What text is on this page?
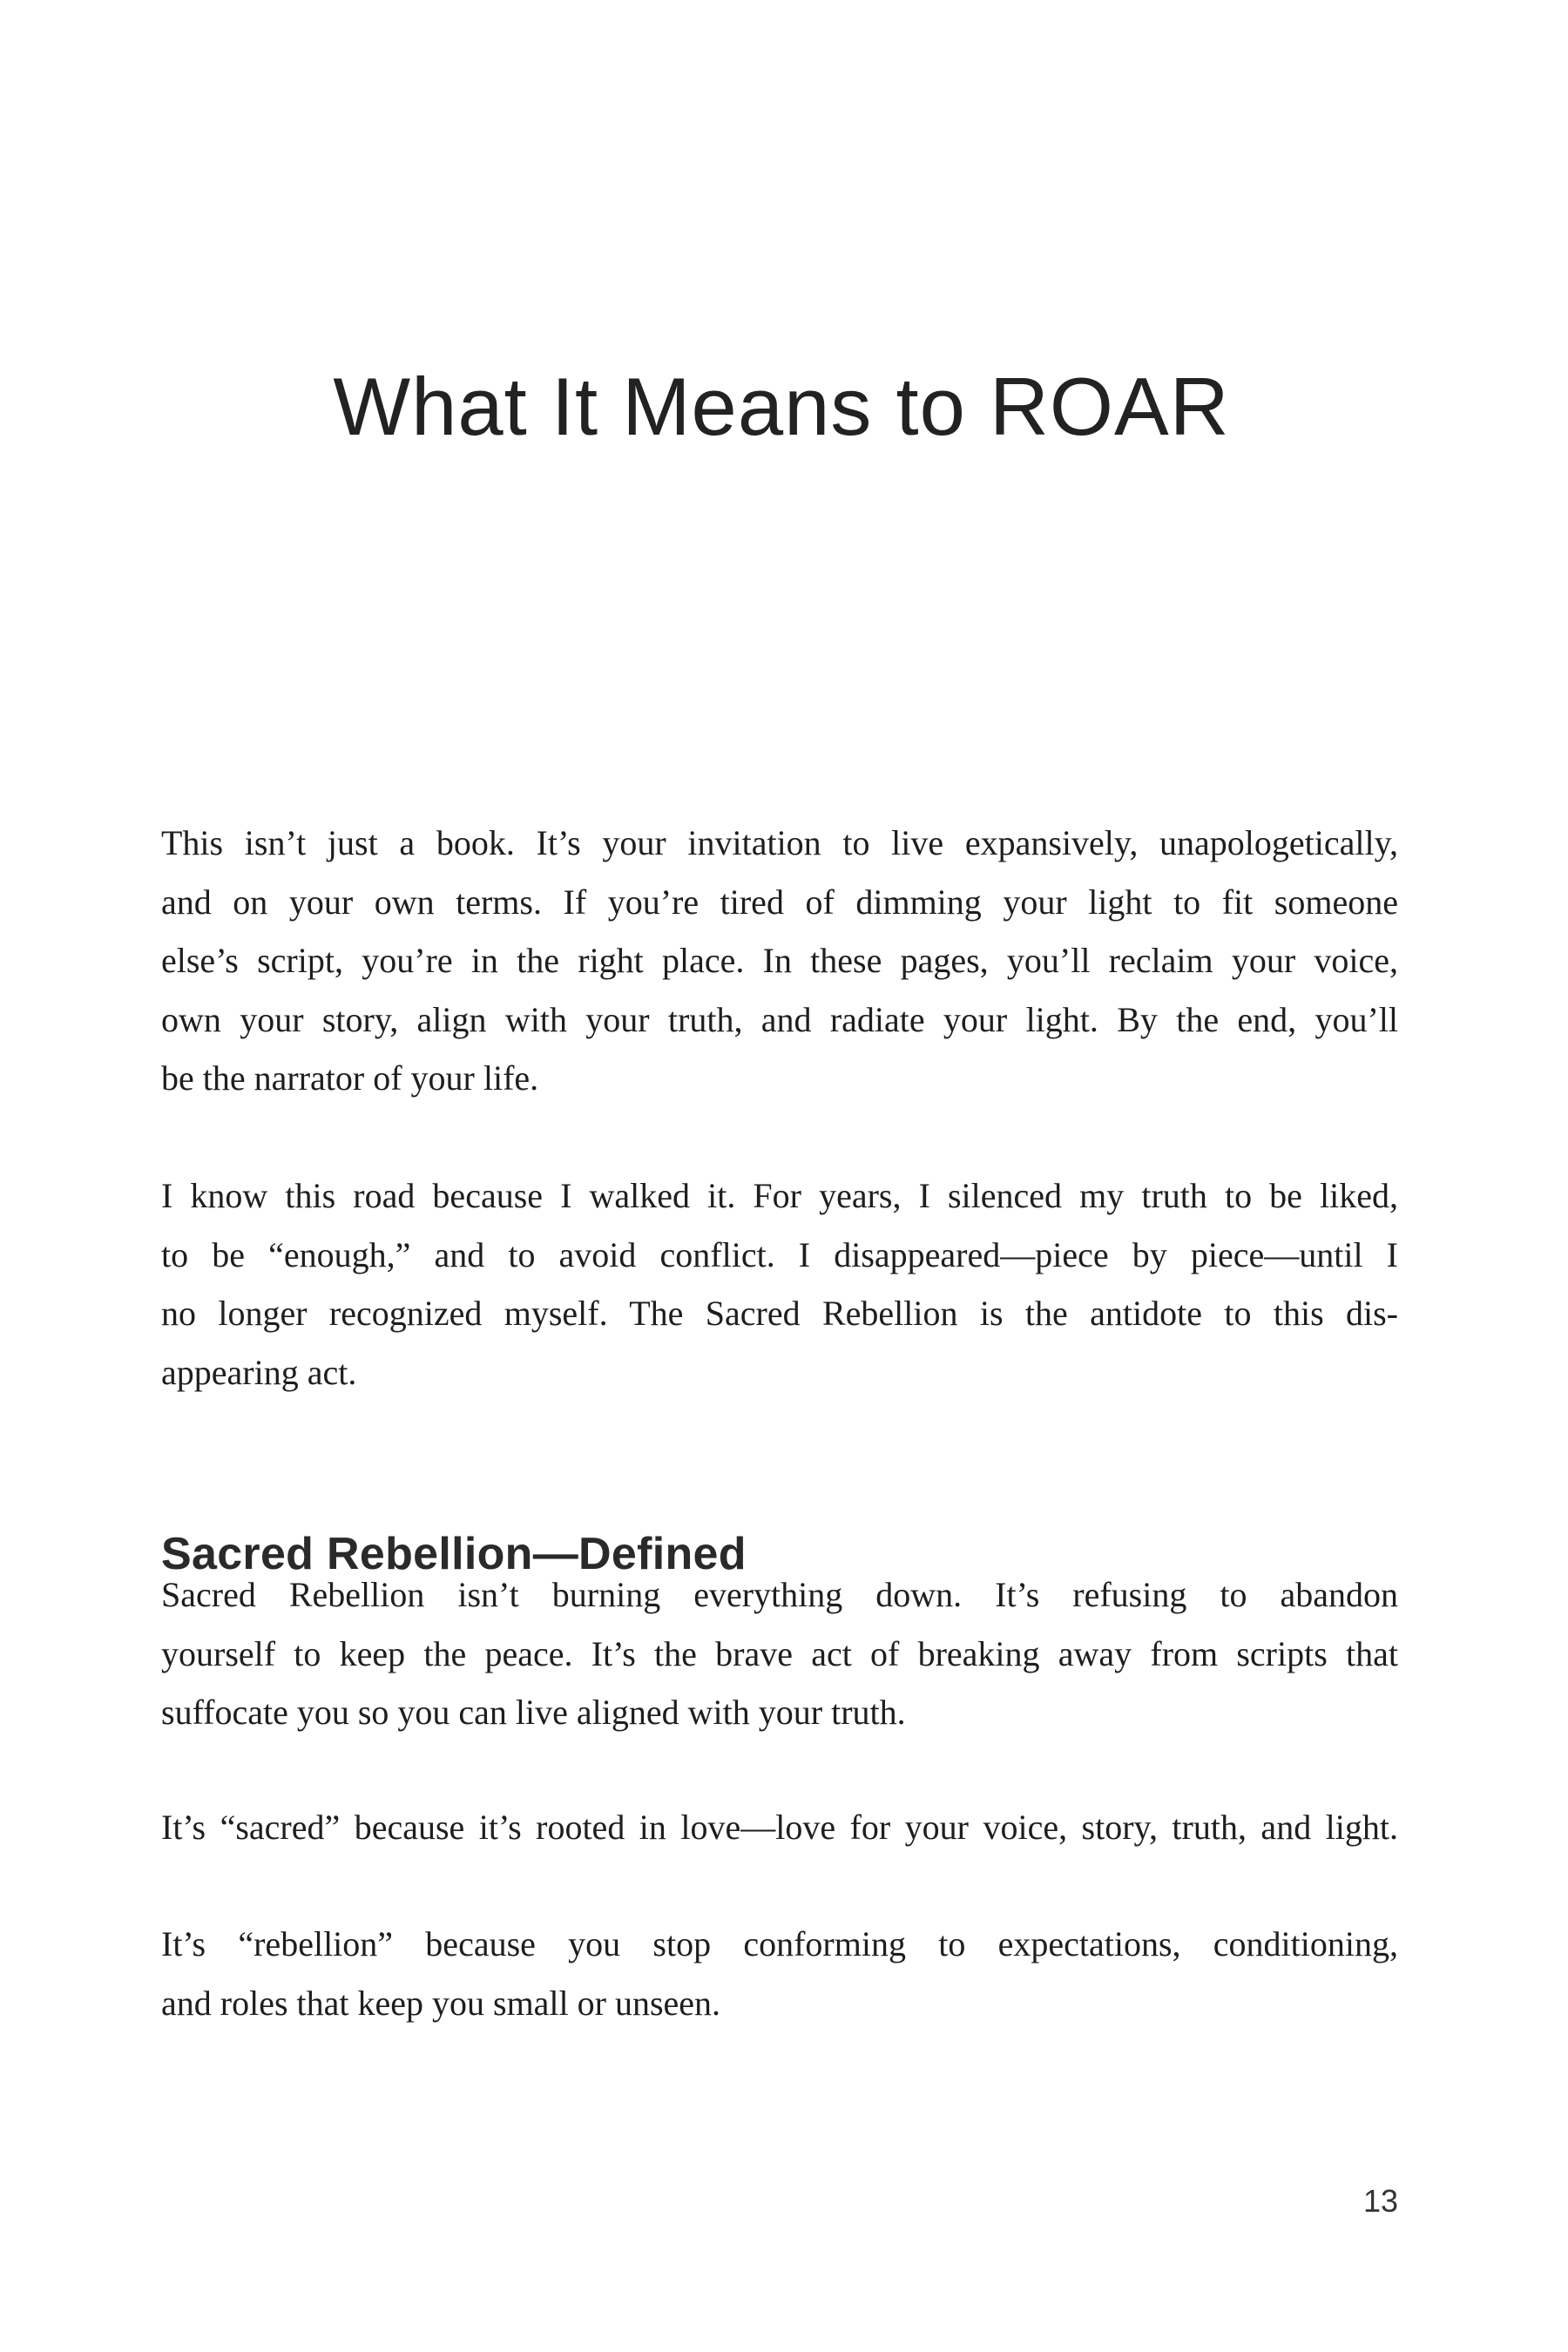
What It Means to ROAR
This isn’t just a book. It’s your invitation to live expansively, unapologetically,
and on your own terms. If you’re tired of dimming your light to fit someone
else’s script, you’re in the right place. In these pages, you’ll reclaim your voice,
own your story, align with your truth, and radiate your light. By the end, you’ll
be the narrator of your life.
I know this road because I walked it. For years, I silenced my truth to be liked,
to be “enough,” and to avoid conflict. I disappeared—piece by piece—until I
no longer recognized myself. The Sacred Rebellion is the antidote to this dis-
appearing act.
Sacred Rebellion—Defined
Sacred Rebellion isn’t burning everything down. It’s refusing to abandon
yourself to keep the peace. It’s the brave act of breaking away from scripts that
suffocate you so you can live aligned with your truth.
It’s “sacred” because it’s rooted in love—love for your voice, story, truth, and light.
It’s “rebellion” because you stop conforming to expectations, conditioning,
and roles that keep you small or unseen.
13
